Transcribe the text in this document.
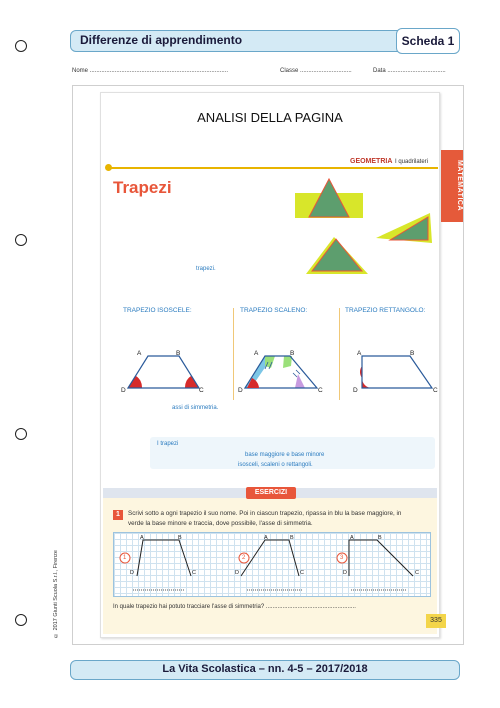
Differenze di apprendimento	Scheda 1
Nome ...................................................................................	Classe ...............................	Data ...................................
ANALISI DELLA PAGINA
GEOMETRIA I quadrilateri	MATEMATICA
Trapezi
trapezi.
TRAPEZIO ISOSCELE:	TRAPEZIO SCALENO:	TRAPEZIO RETTANGOLO:
A	B
D	C
A	B
D	C
A	B
D	C
assi di simmetria.
I trapezi
base maggiore e base minore
isosceli, scaleni o rettangoli.
ESERCIZI
1	Scrivi sotto a ogni trapezio il suo nome. Poi in ciascun trapezio, ripassa in blu la base maggiore, in verde la base minore e traccia, dove possibile, l'asse di simmetria.
1	2	3
A	B
D	C
A	B
D	C
A	B
D	C
In quale trapezio hai potuto tracciare l'asse di simmetria? ......................................................
335
© 2017 Giunti Scuola S.r.l., Firenze
La Vita Scolastica – nn. 4-5 – 2017/2018
